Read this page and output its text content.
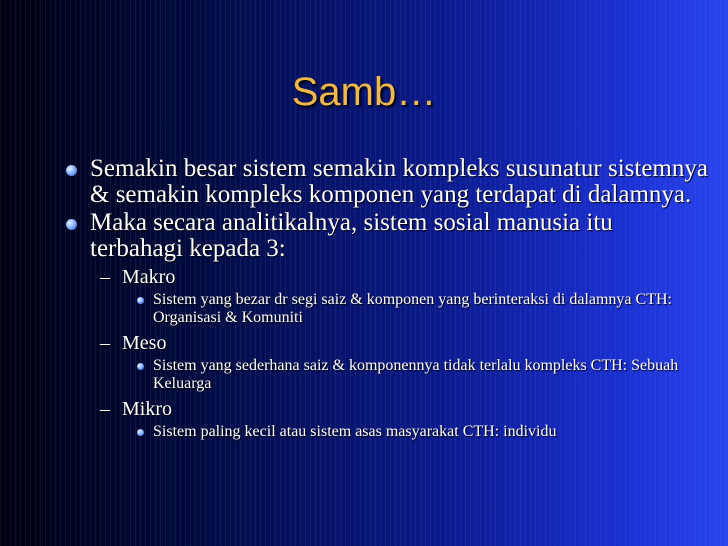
Samb…
Semakin besar sistem semakin kompleks susunatur sistemnya & semakin kompleks komponen yang terdapat di dalamnya.
Maka secara analitikalnya, sistem sosial manusia itu terbahagi kepada 3:
– Makro
Sistem yang bezar dr segi saiz & komponen yang berinteraksi di dalamnya CTH: Organisasi & Komuniti
– Meso
Sistem yang sederhana saiz & komponennya tidak terlalu kompleks CTH: Sebuah Keluarga
– Mikro
Sistem paling kecil atau sistem asas masyarakat CTH: individu
